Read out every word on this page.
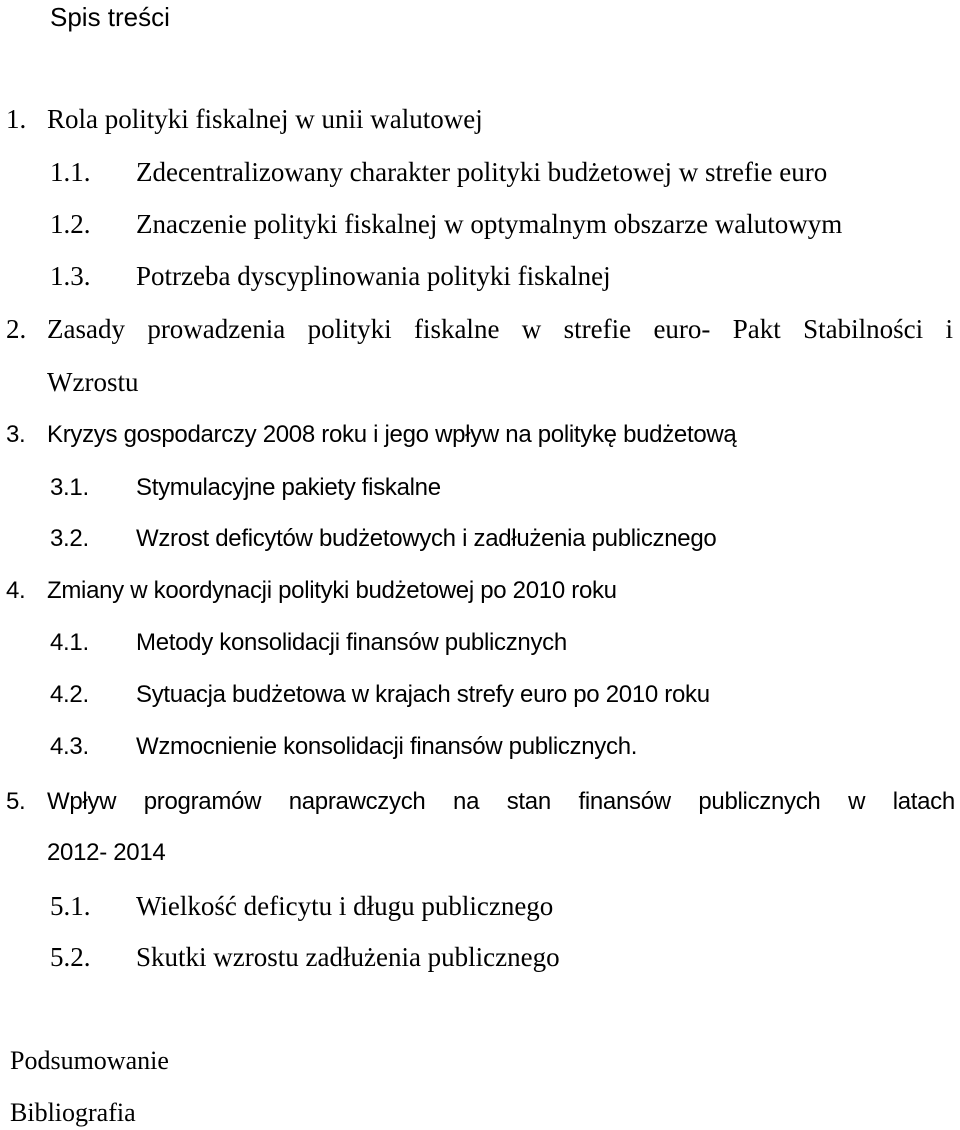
Spis treści
1. Rola polityki fiskalnej w unii walutowej
1.1. Zdecentralizowany charakter polityki budżetowej w strefie euro
1.2. Znaczenie polityki fiskalnej w optymalnym obszarze walutowym
1.3. Potrzeba dyscyplinowania polityki fiskalnej
2. Zasady prowadzenia polityki fiskalne w strefie euro- Pakt Stabilności i
Wzrostu
3. Kryzys gospodarczy 2008 roku i jego wpływ na politykę budżetową
3.1. Stymulacyjne pakiety fiskalne
3.2. Wzrost deficytów budżetowych i zadłużenia publicznego
4. Zmiany w koordynacji polityki budżetowej po 2010 roku
4.1. Metody konsolidacji finansów publicznych
4.2. Sytuacja budżetowa w krajach strefy euro po 2010 roku
4.3. Wzmocnienie konsolidacji finansów publicznych.
5. Wpływ programów naprawczych na stan finansów publicznych w latach
2012- 2014
5.1. Wielkość deficytu i długu publicznego
5.2. Skutki wzrostu zadłużenia publicznego
Podsumowanie
Bibliografia
